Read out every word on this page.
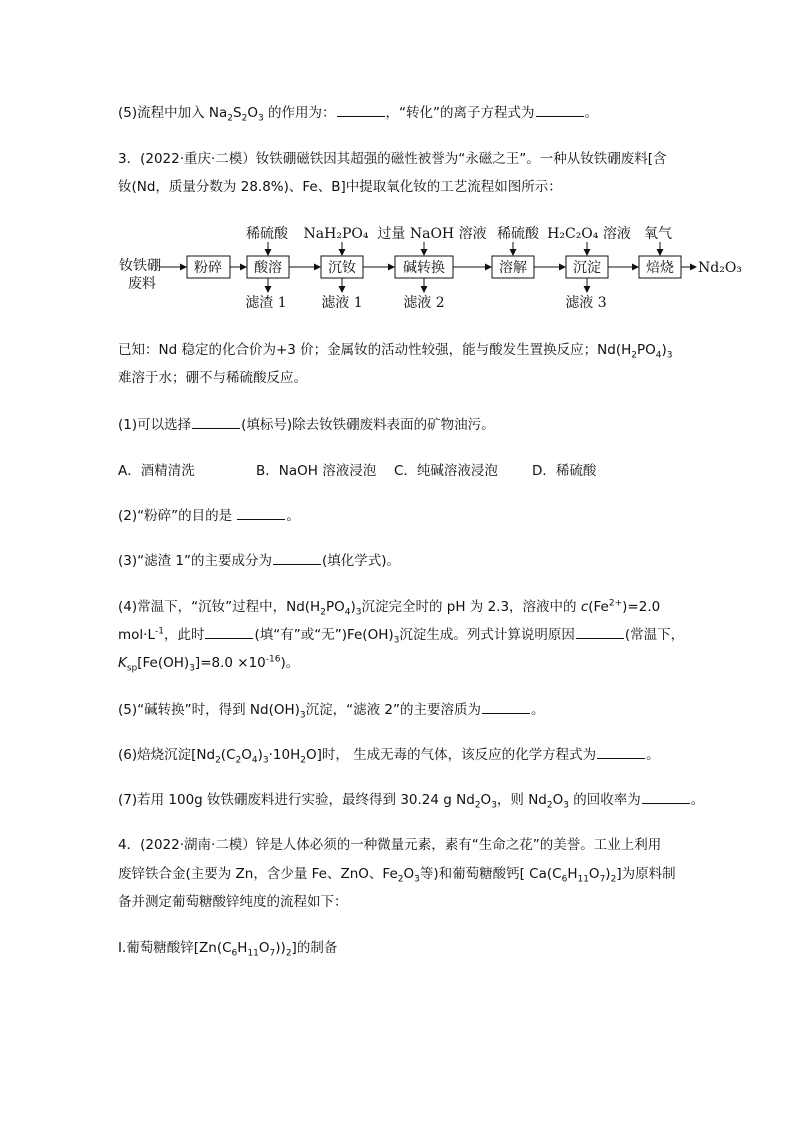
(5)流程中加入 $Na_2S_2O_3$ 的作用为：	，“转化”的离子方程式为	。
3．(2022·重庆·二模）钕铁硼磁铁因其超强的磁性被誉为“永磁之王”。一种从钕铁硼废料[含
钕(Nd，质量分数为 28.8%)、Fe、B]中提取氧化钕的工艺流程如图所示：
钕铁硼
废料
粉碎 酸溶	沉钕	碱转换	溶解	沉淀	焙烧
稀硫酸 NaH₂PO₄ 过量 NaOH 溶液 稀硫酸 H₂C₂O₄ 溶液 氧气
滤渣 1 滤液 1	滤液 2	滤液 3
Nd₂O₃
已知：Nd 稳定的化合价为+3 价；金属钕的活动性较强，能与酸发生置换反应；$Nd(H_2PO_4)_3$
难溶于水；硼不与稀硫酸反应。
(1)可以选择	(填标号)除去钕铁硼废料表面的矿物油污。
A．酒精清洗	B．NaOH 溶液浸泡 C．纯碱溶液浸泡	D．稀硫酸
(2)“粉碎”的目的是	。
(3)“滤渣 1”的主要成分为	(填化学式)。
(4)常温下，“沉钕”过程中，$Nd(H_2PO_4)_3$沉淀完全时的 pH 为 2.3，溶液中的 $c(Fe^{2+})=2.0$
$mol\cdot L^{-1}$，此时	(填“有”或“无$”)Fe(OH)_3$沉淀生成。列式计算说明原因	(常温下，
$K_{sp}[Fe(OH)_3]=8.0 \times 10^{-16}$)。
(5)“碱转换”时，得到 $Nd(OH)_3$沉淀，“滤液 2”的主要溶质为	。
(6)焙烧沉淀$[Nd_2(C_2O_4)_3\cdot 10H_2O]$时， 生成无毒的气体，该反应的化学方程式为	。
(7)若用 100g 钕铁硼废料进行实验，最终得到 30.24 g $Nd_2O_3$，则 $Nd_2O_3$ 的回收率为	。
4．(2022·湖南·二模）锌是人体必须的一种微量元素，素有“生命之花”的美誉。工业上利用
废锌铁合金(主要为 Zn，含少量 Fe、ZnO、$Fe_2O_3$等)和葡萄糖酸钙[ $Ca(C_6H_{11}O_7)_2$]为原料制
备并测定葡萄糖酸锌纯度的流程如下：
I.葡萄糖酸锌$[Zn(C_6H_{11}O_7))_2$]的制备
